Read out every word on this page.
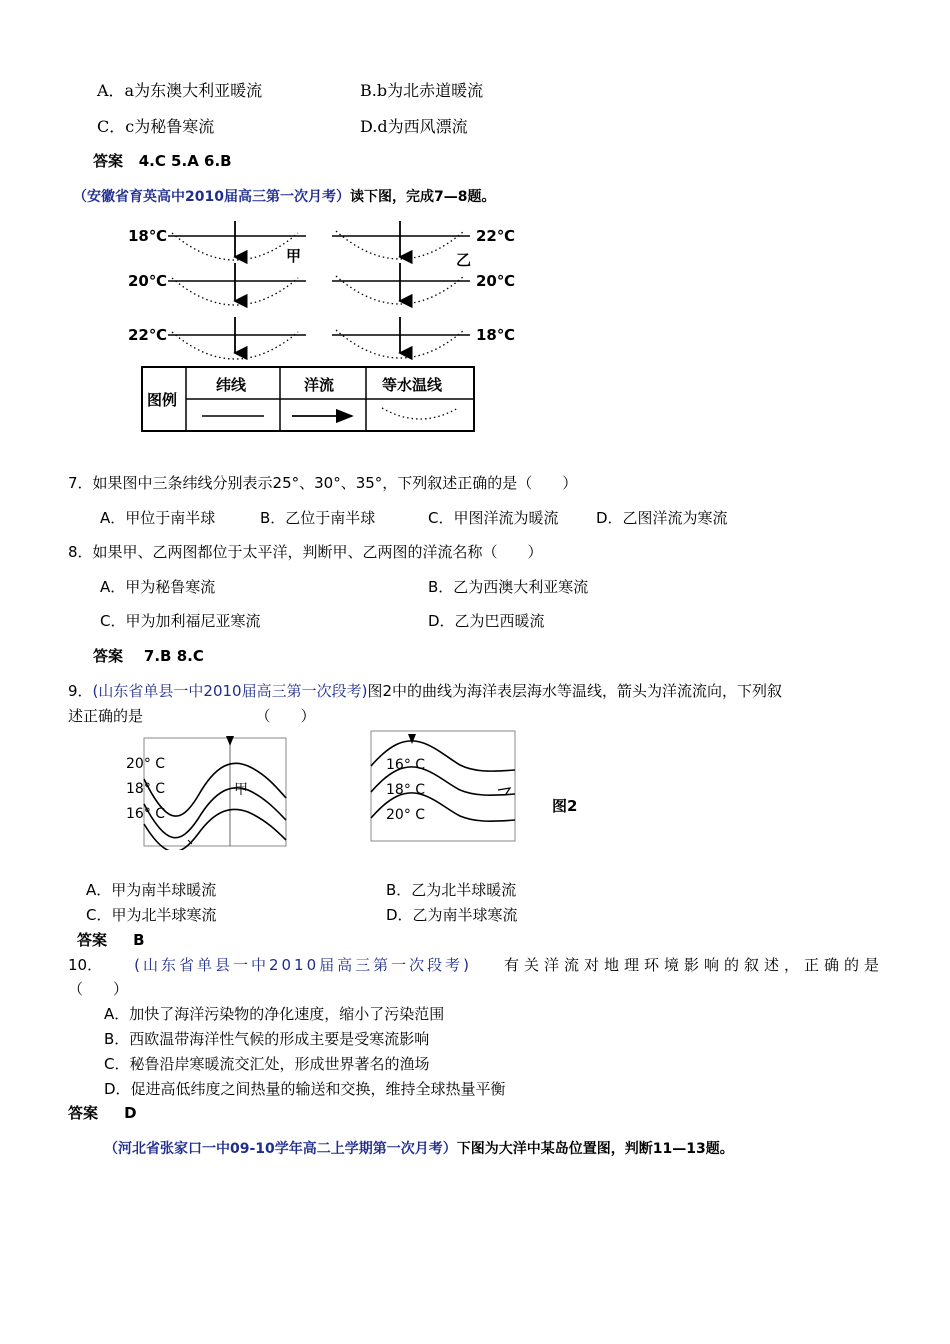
A．a为东澳大利亚暖流	B.b为北赤道暖流
C．c为秘鲁寒流	D.d为西风漂流
答案 4.C 5.A 6.B
（安徽省育英高中2010届高三第一次月考）读下图，完成7—8题。
18℃
20℃
22℃
22℃
20℃
18℃
甲	乙
图例
纬线	洋流	等水温线
7．如果图中三条纬线分别表示25°、30°、35°，下列叙述正确的是（　　）
A．甲位于南半球	B．乙位于南半球	C．甲图洋流为暖流	D．乙图洋流为寒流
8．如果甲、乙两图都位于太平洋，判断甲、乙两图的洋流名称（　　）
A．甲为秘鲁寒流	B．乙为西澳大利亚寒流
C．甲为加利福尼亚寒流	D．乙为巴西暖流
答案 7.B 8.C
9．(山东省单县一中2010届高三第一次段考)图2中的曲线为海洋表层海水等温线，箭头为洋流流向，下列叙
述正确的是　　　　　　　　（　　）
20° C
18° C
16° C
甲
16° C
18° C
20° C	图2
A．甲为南半球暖流	B．乙为北半球暖流
C．甲为北半球寒流	D．乙为南半球寒流
答案 B
10． (山东省单县一中2010届高三第一次段考) 有关洋流对地理环境影响的叙述，正确的是
（　　）
A．加快了海洋污染物的净化速度，缩小了污染范围
B．西欧温带海洋性气候的形成主要是受寒流影响
C．秘鲁沿岸寒暖流交汇处，形成世界著名的渔场
D．促进高低纬度之间热量的输送和交换，维持全球热量平衡
答案 D
（河北省张家口一中09-10学年高二上学期第一次月考）下图为大洋中某岛位置图，判断11—13题。
